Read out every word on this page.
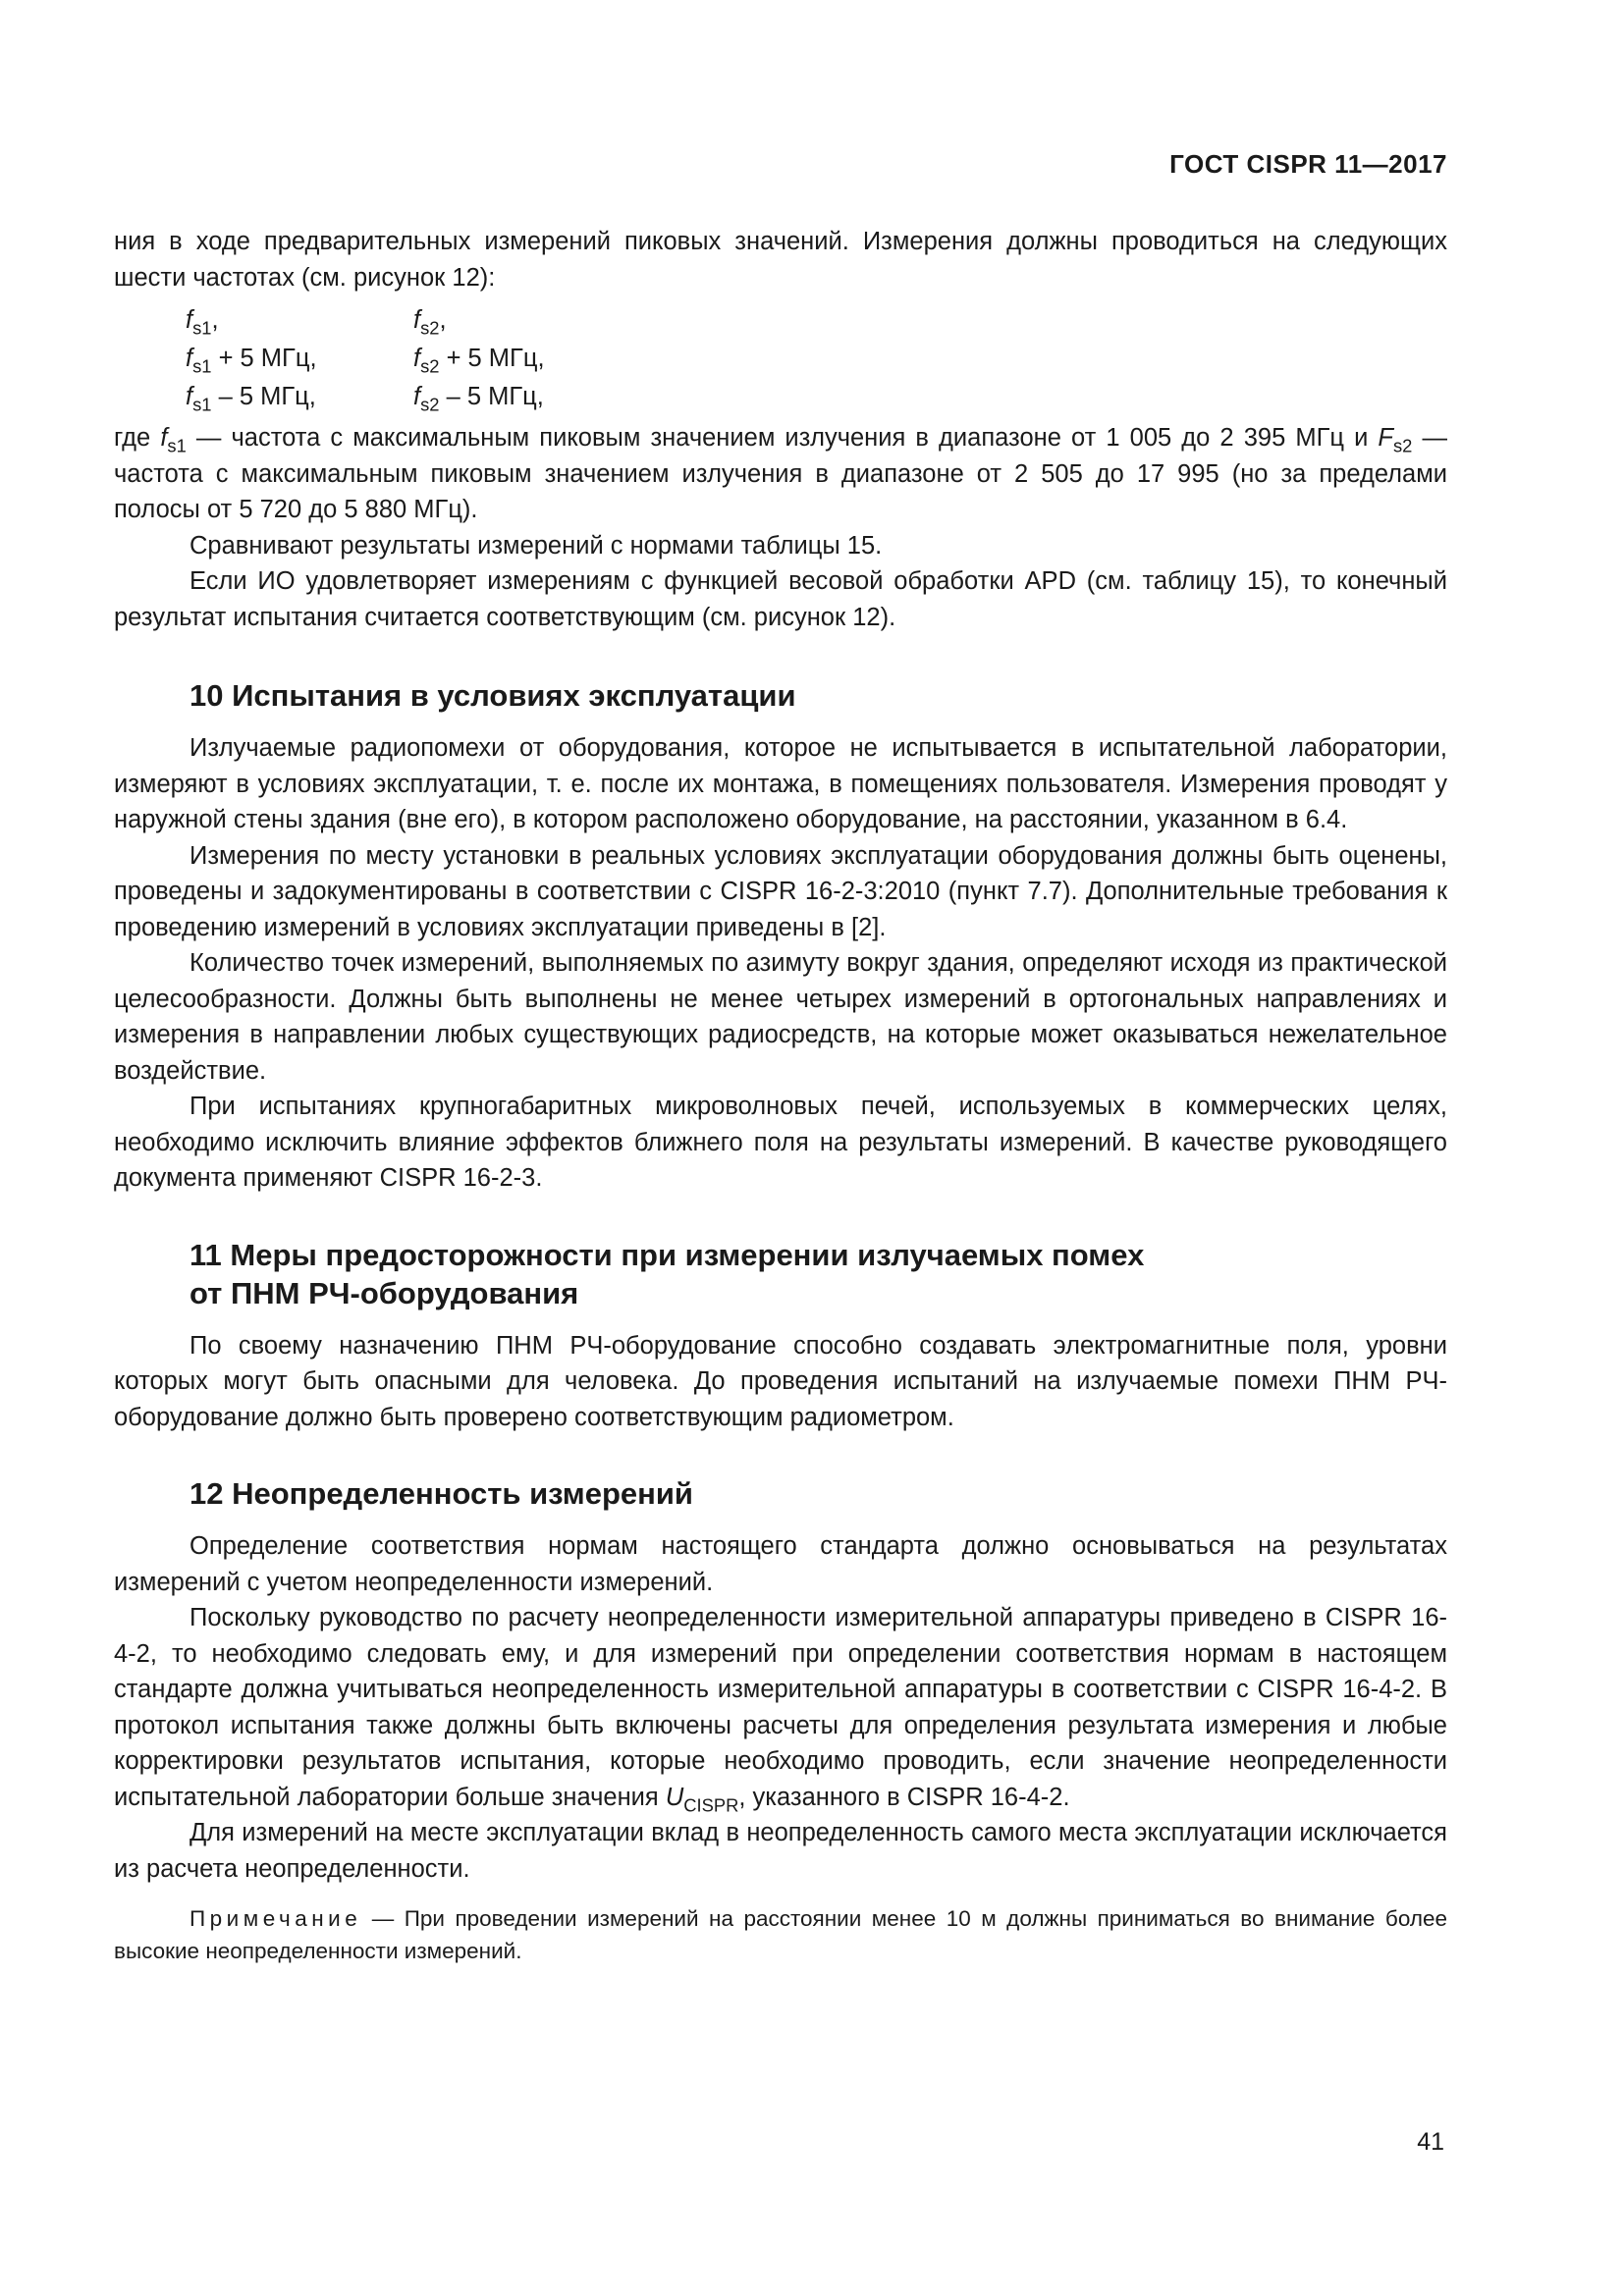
ГОСТ CISPR 11—2017

ния в ходе предварительных измерений пиковых значений. Измерения должны проводиться на следующих шести частотах (см. рисунок 12):

$f_{s1}$,	$f_{s2}$,
$f_{s1} + 5$ МГц,	$f_{s2} + 5$ МГц,
$f_{s1} - 5$ МГц,	$f_{s2} - 5$ МГц,

где $f_{s1}$ — частота с максимальным пиковым значением излучения в диапазоне от 1 005 до 2 395 МГц и $F_{s2}$ — частота с максимальным пиковым значением излучения в диапазоне от 2 505 до 17 995 (но за пределами полосы от 5 720 до 5 880 МГц).

Сравнивают результаты измерений с нормами таблицы 15.

Если ИО удовлетворяет измерениям с функцией весовой обработки APD (см. таблицу 15), то конечный результат испытания считается соответствующим (см. рисунок 12).

10 Испытания в условиях эксплуатации

Излучаемые радиопомехи от оборудования, которое не испытывается в испытательной лаборатории, измеряют в условиях эксплуатации, т. е. после их монтажа, в помещениях пользователя. Измерения проводят у наружной стены здания (вне его), в котором расположено оборудование, на расстоянии, указанном в 6.4.

Измерения по месту установки в реальных условиях эксплуатации оборудования должны быть оценены, проведены и задокументированы в соответствии с CISPR 16-2-3:2010 (пункт 7.7). Дополнительные требования к проведению измерений в условиях эксплуатации приведены в [2].

Количество точек измерений, выполняемых по азимуту вокруг здания, определяют исходя из практической целесообразности. Должны быть выполнены не менее четырех измерений в ортогональных направлениях и измерения в направлении любых существующих радиосредств, на которые может оказываться нежелательное воздействие.

При испытаниях крупногабаритных микроволновых печей, используемых в коммерческих целях, необходимо исключить влияние эффектов ближнего поля на результаты измерений. В качестве руководящего документа применяют CISPR 16-2-3.

11 Меры предосторожности при измерении излучаемых помех
от ПНМ РЧ-оборудования

По своему назначению ПНМ РЧ-оборудование способно создавать электромагнитные поля, уровни которых могут быть опасными для человека. До проведения испытаний на излучаемые помехи ПНМ РЧ-оборудование должно быть проверено соответствующим радиометром.

12 Неопределенность измерений

Определение соответствия нормам настоящего стандарта должно основываться на результатах измерений с учетом неопределенности измерений.

Поскольку руководство по расчету неопределенности измерительной аппаратуры приведено в CISPR 16-4-2, то необходимо следовать ему, и для измерений при определении соответствия нормам в настоящем стандарте должна учитываться неопределенность измерительной аппаратуры в соответствии с CISPR 16-4-2. В протокол испытания также должны быть включены расчеты для определения результата измерения и любые корректировки результатов испытания, которые необходимо проводить, если значение неопределенности испытательной лаборатории больше значения $U_{CISPR}$, указанного в CISPR 16-4-2.

Для измерений на месте эксплуатации вклад в неопределенность самого места эксплуатации исключается из расчета неопределенности.

Примечание — При проведении измерений на расстоянии менее 10 м должны приниматься во внимание более высокие неопределенности измерений.

41
